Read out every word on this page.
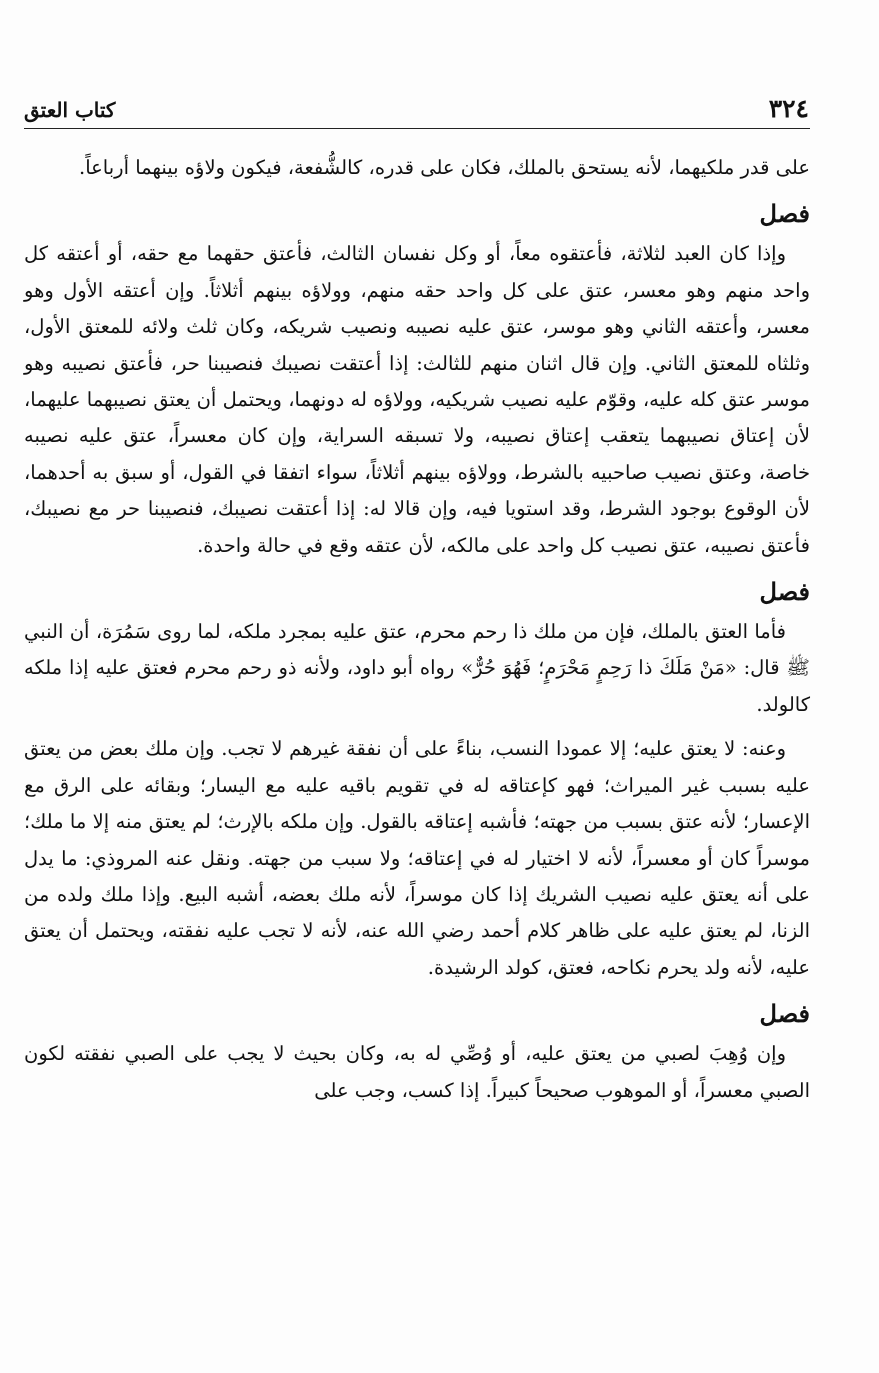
٣٢٤
كتاب العتق

على قدر ملكيهما، لأنه يستحق بالملك، فكان على قدره، كالشُّفعة، فيكون ولاؤه بينهما أرباعاً.

فصل

وإذا كان العبد لثلاثة، فأعتقوه معاً، أو وكل نفسان الثالث، فأعتق حقهما مع حقه، أو أعتقه كل واحد منهم وهو معسر، عتق على كل واحد حقه منهم، وولاؤه بينهم أثلاثاً. وإن أعتقه الأول وهو معسر، وأعتقه الثاني وهو موسر، عتق عليه نصيبه ونصيب شريكه، وكان ثلث ولائه للمعتق الأول، وثلثاه للمعتق الثاني. وإن قال اثنان منهم للثالث: إذا أعتقت نصيبك فنصيبنا حر، فأعتق نصيبه وهو موسر عتق كله عليه، وقوّم عليه نصيب شريكيه، وولاؤه له دونهما، ويحتمل أن يعتق نصيبهما عليهما، لأن إعتاق نصيبهما يتعقب إعتاق نصيبه، ولا تسبقه السراية، وإن كان معسراً، عتق عليه نصيبه خاصة، وعتق نصيب صاحبيه بالشرط، وولاؤه بينهم أثلاثاً، سواء اتفقا في القول، أو سبق به أحدهما، لأن الوقوع بوجود الشرط، وقد استويا فيه، وإن قالا له: إذا أعتقت نصيبك، فنصيبنا حر مع نصيبك، فأعتق نصيبه، عتق نصيب كل واحد على مالكه، لأن عتقه وقع في حالة واحدة.

فصل

فأما العتق بالملك، فإن من ملك ذا رحم محرم، عتق عليه بمجرد ملكه، لما روى سَمُرَة، أن النبي ﷺ قال: «مَنْ مَلَكَ ذا رَحِمٍ مَحْرَمٍ؛ فَهُوَ حُرٌّ» رواه أبو داود، ولأنه ذو رحم محرم فعتق عليه إذا ملكه كالولد.

وعنه: لا يعتق عليه؛ إلا عمودا النسب، بناءً على أن نفقة غيرهم لا تجب. وإن ملك بعض من يعتق عليه بسبب غير الميراث؛ فهو كإعتاقه له في تقويم باقيه عليه مع اليسار؛ وبقائه على الرق مع الإعسار؛ لأنه عتق بسبب من جهته؛ فأشبه إعتاقه بالقول. وإن ملكه بالإرث؛ لم يعتق منه إلا ما ملك؛ موسراً كان أو معسراً، لأنه لا اختيار له في إعتاقه؛ ولا سبب من جهته. ونقل عنه المروذي: ما يدل على أنه يعتق عليه نصيب الشريك إذا كان موسراً، لأنه ملك بعضه، أشبه البيع. وإذا ملك ولده من الزنا، لم يعتق عليه على ظاهر كلام أحمد رضي الله عنه، لأنه لا تجب عليه نفقته، ويحتمل أن يعتق عليه، لأنه ولد يحرم نكاحه، فعتق، كولد الرشيدة.

فصل

وإن وُهِبَ لصبي من يعتق عليه، أو وُصِّي له به، وكان بحيث لا يجب على الصبي نفقته لكون الصبي معسراً، أو الموهوب صحيحاً كبيراً. إذا كسب، وجب على
